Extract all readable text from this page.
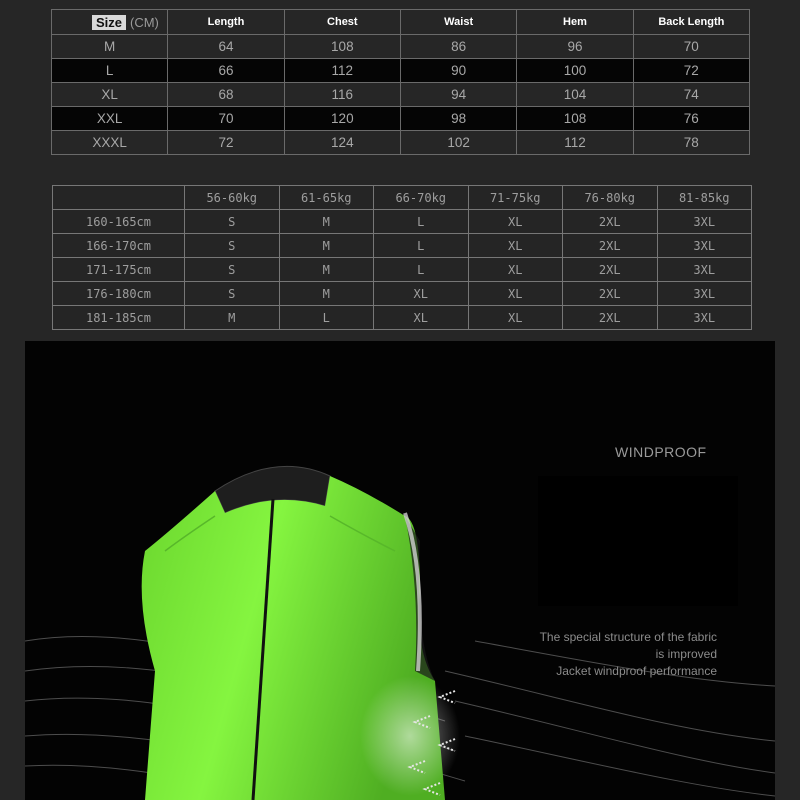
Size (CM)	Length	Chest	Waist	Hem	Back Length
M	64	108	86	96	70
L	66	112	90	100	72
XL	68	116	94	104	74
XXL	70	120	98	108	76
XXXL	72	124	102	112	78
	56-60kg	61-65kg	66-70kg	71-75kg	76-80kg	81-85kg
160-165cm	S	M	L	XL	2XL	3XL
166-170cm	S	M	L	XL	2XL	3XL
171-175cm	S	M	L	XL	2XL	3XL
176-180cm	S	M	XL	XL	2XL	3XL
181-185cm	M	L	XL	XL	2XL	3XL
WINDPROOF
The special structure of the fabric
is improved
Jacket windproof performance
